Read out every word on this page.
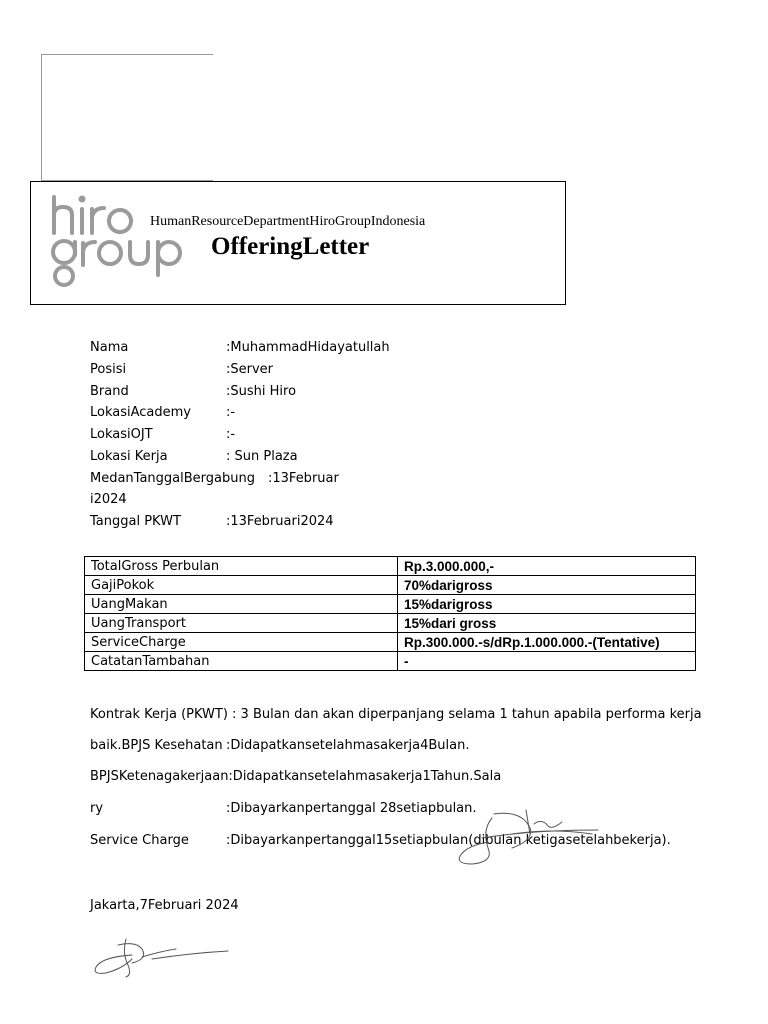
HumanResourceDepartmentHiroGroupIndonesia
OfferingLetter
Nama	:MuhammadHidayatullah
Posisi	:Server
Brand	:Sushi Hiro
LokasiAcademy	:-
LokasiOJT	:-
Lokasi Kerja	: Sun Plaza
MedanTanggalBergabung :13Februar
i2024
Tanggal PKWT	:13Februari2024
TotalGross Perbulan	Rp.3.000.000,-
GajiPokok	70%darigross
UangMakan	15%darigross
UangTransport	15%dari gross
ServiceCharge	Rp.300.000.-s/dRp.1.000.000.-(Tentative)
CatatanTambahan	-
Kontrak Kerja (PKWT) : 3 Bulan dan akan diperpanjang selama 1 tahun apabila performa kerja
baik.BPJS Kesehatan :Didapatkansetelahmasakerja4Bulan.
BPJSKetenagakerjaan:Didapatkansetelahmasakerja1Tahun.Sala
ry	:Dibayarkanpertanggal 28setiapbulan.
Service Charge	:Dibayarkanpertanggal15setiapbulan(dibulan ketigasetelahbekerja).
Jakarta,7Februari 2024
